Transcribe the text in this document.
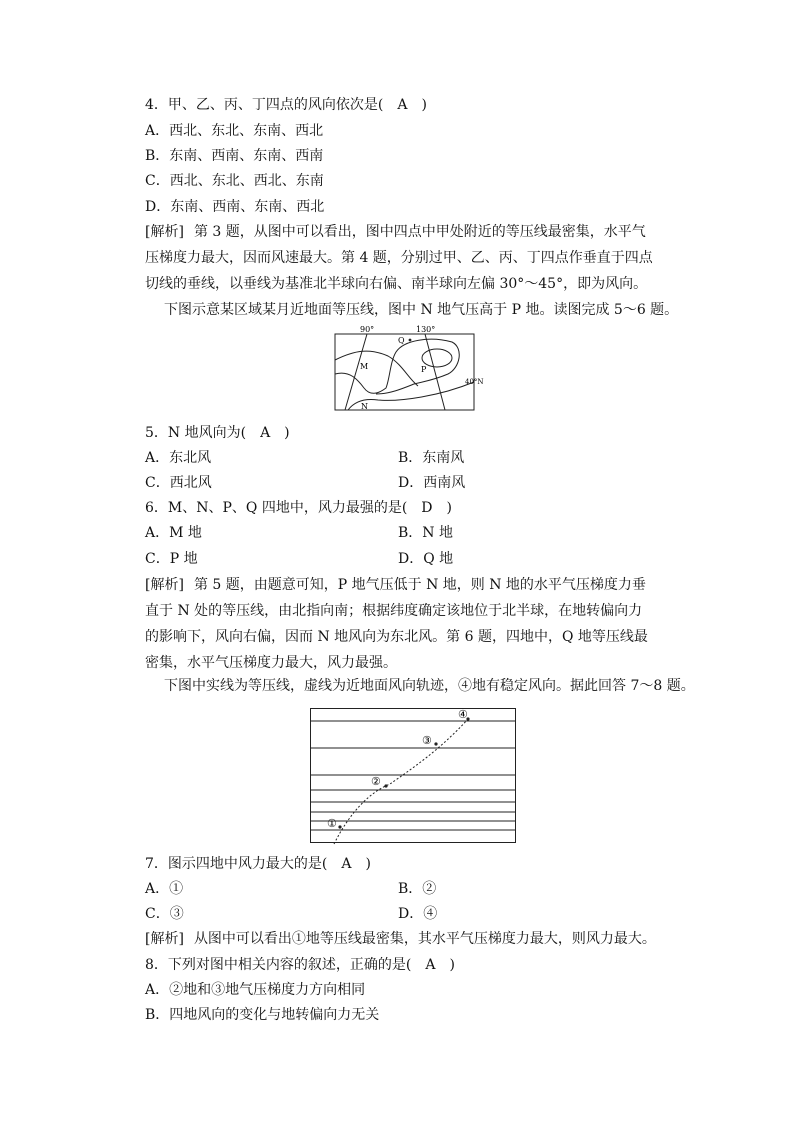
4．甲、乙、丙、丁四点的风向依次是(　A　)
A．西北、东北、东南、西北
B．东南、西南、东南、西南
C．西北、东北、西北、东南
D．东南、西南、东南、西北
[解析] 第 3 题，从图中可以看出，图中四点中甲处附近的等压线最密集，水平气压梯度力最大，因而风速最大。第 4 题，分别过甲、乙、丙、丁四点作垂直于四点切线的垂线，以垂线为基准北半球向右偏、南半球向左偏 30°～45°，即为风向。
下图示意某区域某月近地面等压线，图中 N 地气压高于 P 地。读图完成 5～6 题。
90°	130°
Q
M	P
N
40°N
5．N 地风向为(　A　)
A．东北风	B．东南风
C．西北风	D．西南风
6．M、N、P、Q 四地中，风力最强的是(　D　)
A．M 地	B．N 地
C．P 地	D．Q 地
[解析] 第 5 题，由题意可知，P 地气压低于 N 地，则 N 地的水平气压梯度力垂直于 N 处的等压线，由北指向南；根据纬度确定该地位于北半球，在地转偏向力的影响下，风向右偏，因而 N 地风向为东北风。第 6 题，四地中，Q 地等压线最密集，水平气压梯度力最大，风力最强。
下图中实线为等压线，虚线为近地面风向轨迹，④地有稳定风向。据此回答 7～8 题。
④
③
②
①
7．图示四地中风力最大的是(　A　)
A．①	B．②
C．③	D．④
[解析] 从图中可以看出①地等压线最密集，其水平气压梯度力最大，则风力最大。
8．下列对图中相关内容的叙述，正确的是(　A　)
A．②地和③地气压梯度力方向相同
B．四地风向的变化与地转偏向力无关
